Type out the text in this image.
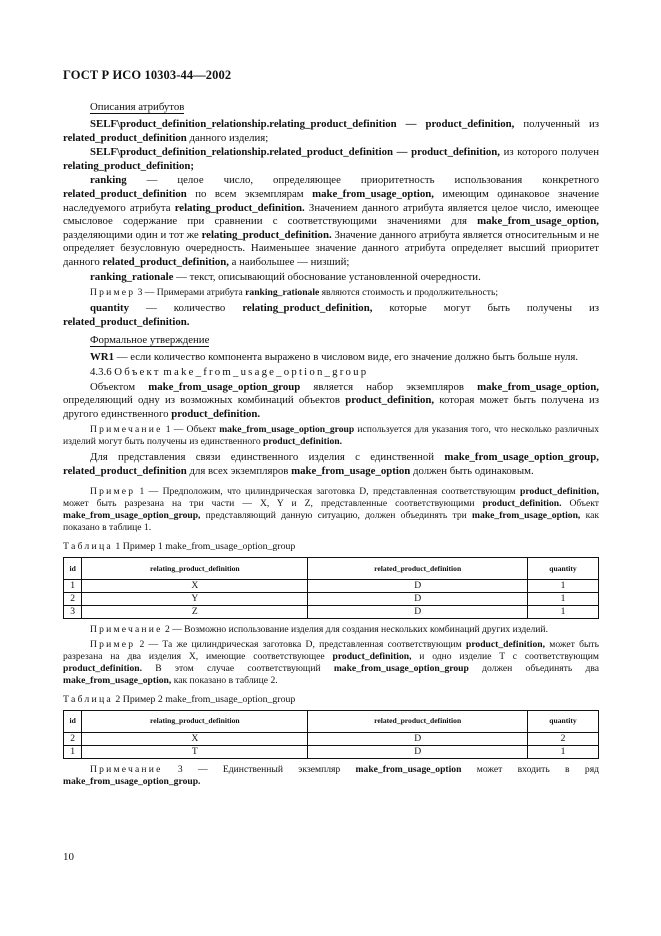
ГОСТ Р ИСО 10303-44—2002
Описания атрибутов

SELF\product_definition_relationship.relating_product_definition — product_definition, полученный из related_product_definition данного изделия;

SELF\product_definition_relationship.related_product_definition — product_definition, из которого получен relating_product_definition;

ranking — целое число, определяющее приоритетность использования конкретного related_product_definition по всем экземплярам make_from_usage_option, имеющим одинаковое значение наследуемого атрибута relating_product_definition. Значением данного атрибута является целое число, имеющее смысловое содержание при сравнении с соответствующими значениями для make_from_usage_option, разделяющими один и тот же relating_product_definition. Значение данного атрибута является относительным и не определяет безусловную очередность. Наименьшее значение данного атрибута определяет высший приоритет данного related_product_definition, а наибольшее — низший;

ranking_rationale — текст, описывающий обоснование установленной очередности.

Пример 3 — Примерами атрибута ranking_rationale являются стоимость и продолжительность;

quantity — количество relating_product_definition, которые могут быть получены из related_product_definition.

Формальное утверждение

WR1 — если количество компонента выражено в числовом виде, его значение должно быть больше нуля.

4.3.6 Объект make_from_usage_option_group

Объектом make_from_usage_option_group является набор экземпляров make_from_usage_option, определяющий одну из возможных комбинаций объектов product_definition, которая может быть получена из другого единственного product_definition.

Примечание 1 — Объект make_from_usage_option_group используется для указания того, что несколько различных изделий могут быть получены из единственного product_definition.

Для представления связи единственного изделия с единственной make_from_usage_option_group, related_product_definition для всех экземпляров make_from_usage_option должен быть одинаковым.

Пример 1 — Предположим, что цилиндрическая заготовка D, представленная соответствующим product_definition, может быть разрезана на три части — X, Y и Z, представленные соответствующими product_definition. Объект make_from_usage_option_group, представляющий данную ситуацию, должен объединять три make_from_usage_option, как показано в таблице 1.

Таблица 1 Пример 1 make_from_usage_option_group

id	relating_product_definition	related_product_definition	quantity
1	X	D	1
2	Y	D	1
3	Z	D	1

Примечание 2 — Возможно использование изделия для создания нескольких комбинаций других изделий.

Пример 2 — Та же цилиндрическая заготовка D, представленная соответствующим product_definition, может быть разрезана на два изделия X, имеющие соответствующее product_definition, и одно изделие T с соответствующим product_definition. В этом случае соответствующий make_from_usage_option_group должен объединять два make_from_usage_option, как показано в таблице 2.

Таблица 2 Пример 2 make_from_usage_option_group

id	relating_product_definition	related_product_definition	quantity
2	X	D	2
1	T	D	1

Примечание 3 — Единственный экземпляр make_from_usage_option может входить в ряд make_from_usage_option_group.

10
